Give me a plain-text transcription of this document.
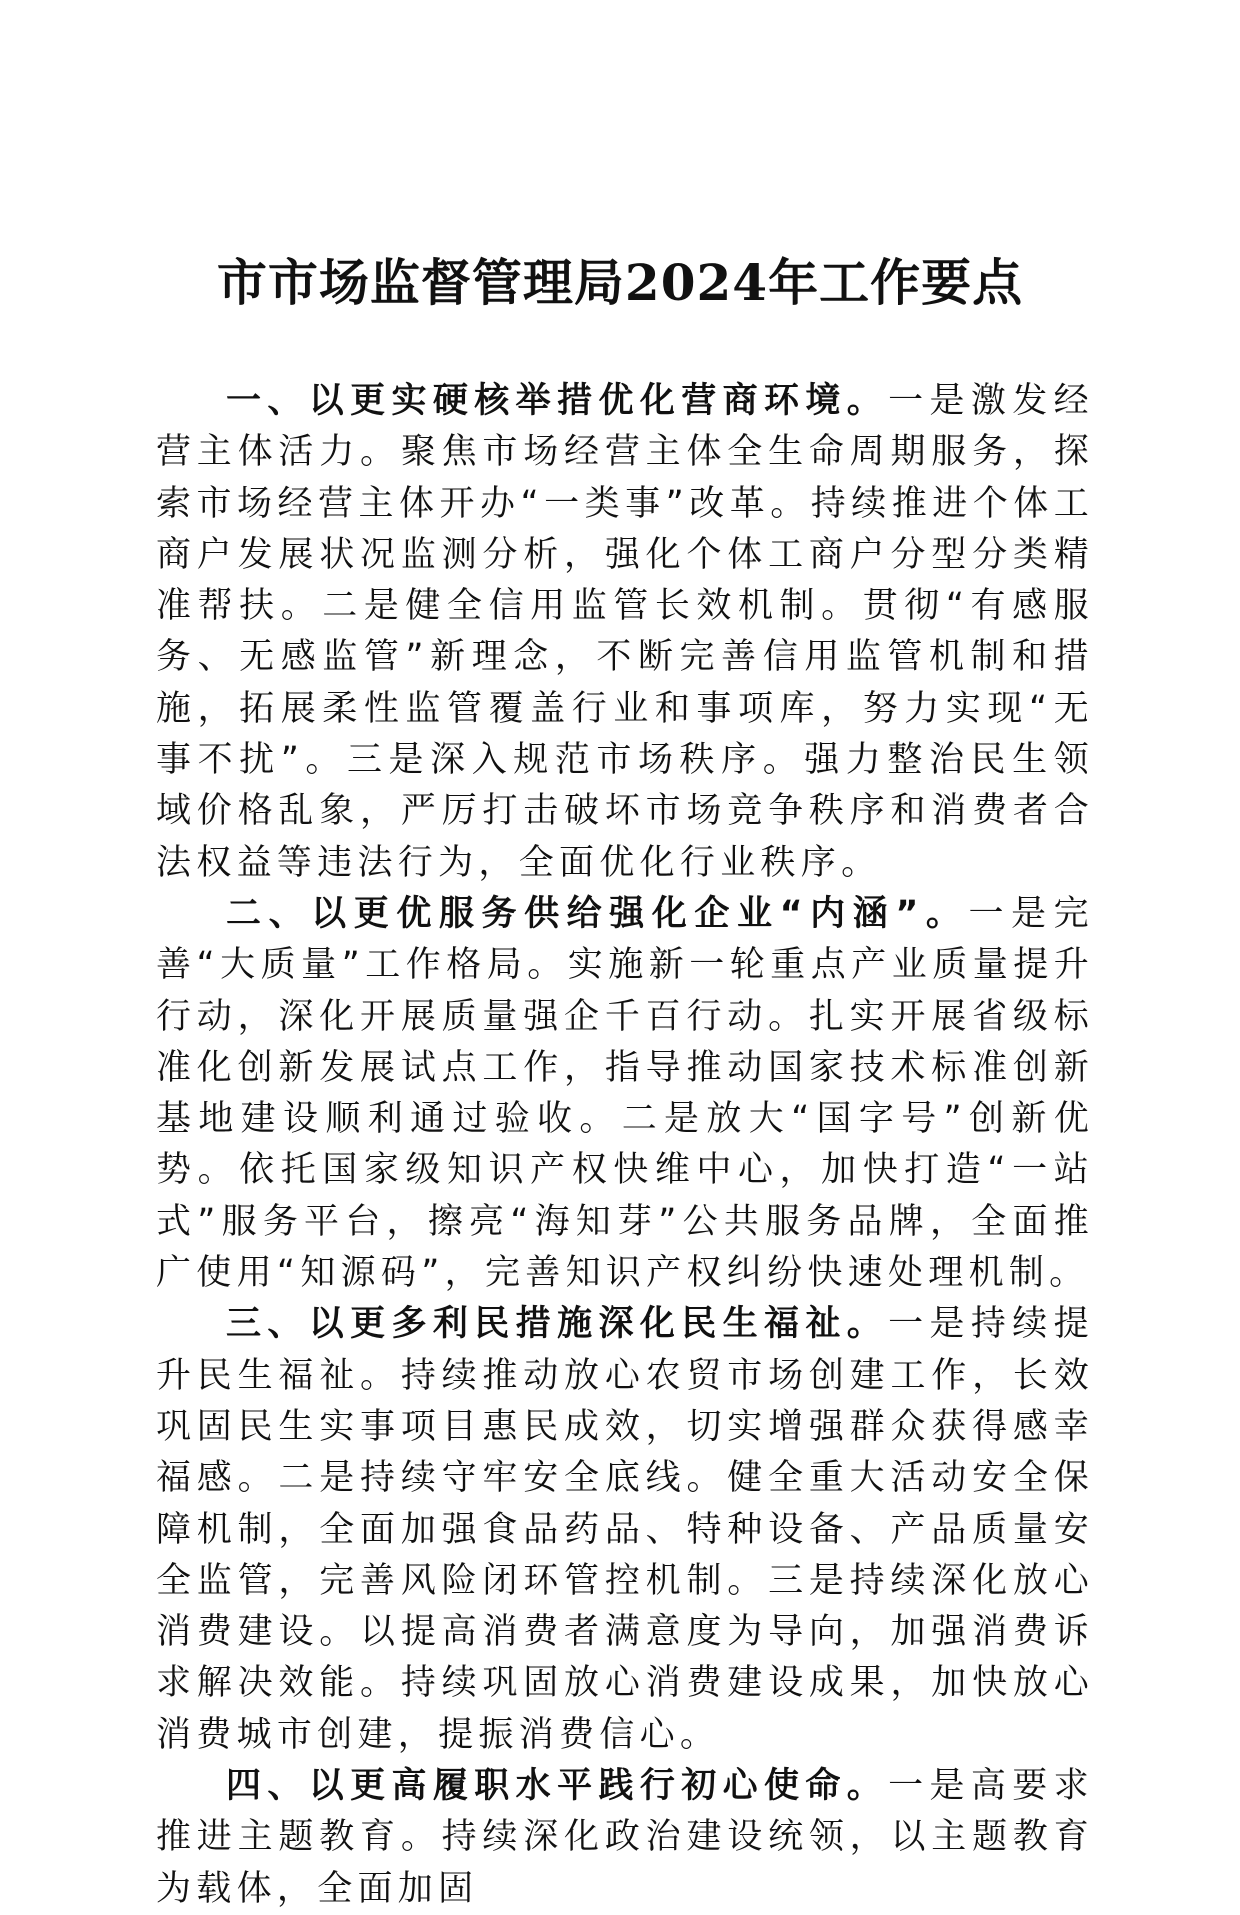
市市场监督管理局2024年工作要点

一、以更实硬核举措优化营商环境。一是激发经营主体活力。聚焦市场经营主体全生命周期服务，探索市场经营主体开办“一类事”改革。持续推进个体工商户发展状况监测分析，强化个体工商户分型分类精准帮扶。二是健全信用监管长效机制。贯彻“有感服务、无感监管”新理念，不断完善信用监管机制和措施，拓展柔性监管覆盖行业和事项库，努力实现“无事不扰”。三是深入规范市场秩序。强力整治民生领域价格乱象，严厉打击破坏市场竞争秩序和消费者合法权益等违法行为，全面优化行业秩序。

二、以更优服务供给强化企业“内涵”。一是完善“大质量”工作格局。实施新一轮重点产业质量提升行动，深化开展质量强企千百行动。扎实开展省级标准化创新发展试点工作，指导推动国家技术标准创新基地建设顺利通过验收。二是放大“国字号”创新优势。依托国家级知识产权快维中心，加快打造“一站式”服务平台，擦亮“海知芽”公共服务品牌，全面推广使用“知源码”，完善知识产权纠纷快速处理机制。

三、以更多利民措施深化民生福祉。一是持续提升民生福祉。持续推动放心农贸市场创建工作，长效巩固民生实事项目惠民成效，切实增强群众获得感幸福感。二是持续守牢安全底线。健全重大活动安全保障机制，全面加强食品药品、特种设备、产品质量安全监管，完善风险闭环管控机制。三是持续深化放心消费建设。以提高消费者满意度为导向，加强消费诉求解决效能。持续巩固放心消费建设成果，加快放心消费城市创建，提振消费信心。

四、以更高履职水平践行初心使命。一是高要求推进主题教育。持续深化政治建设统领，以主题教育为载体，全面加固
